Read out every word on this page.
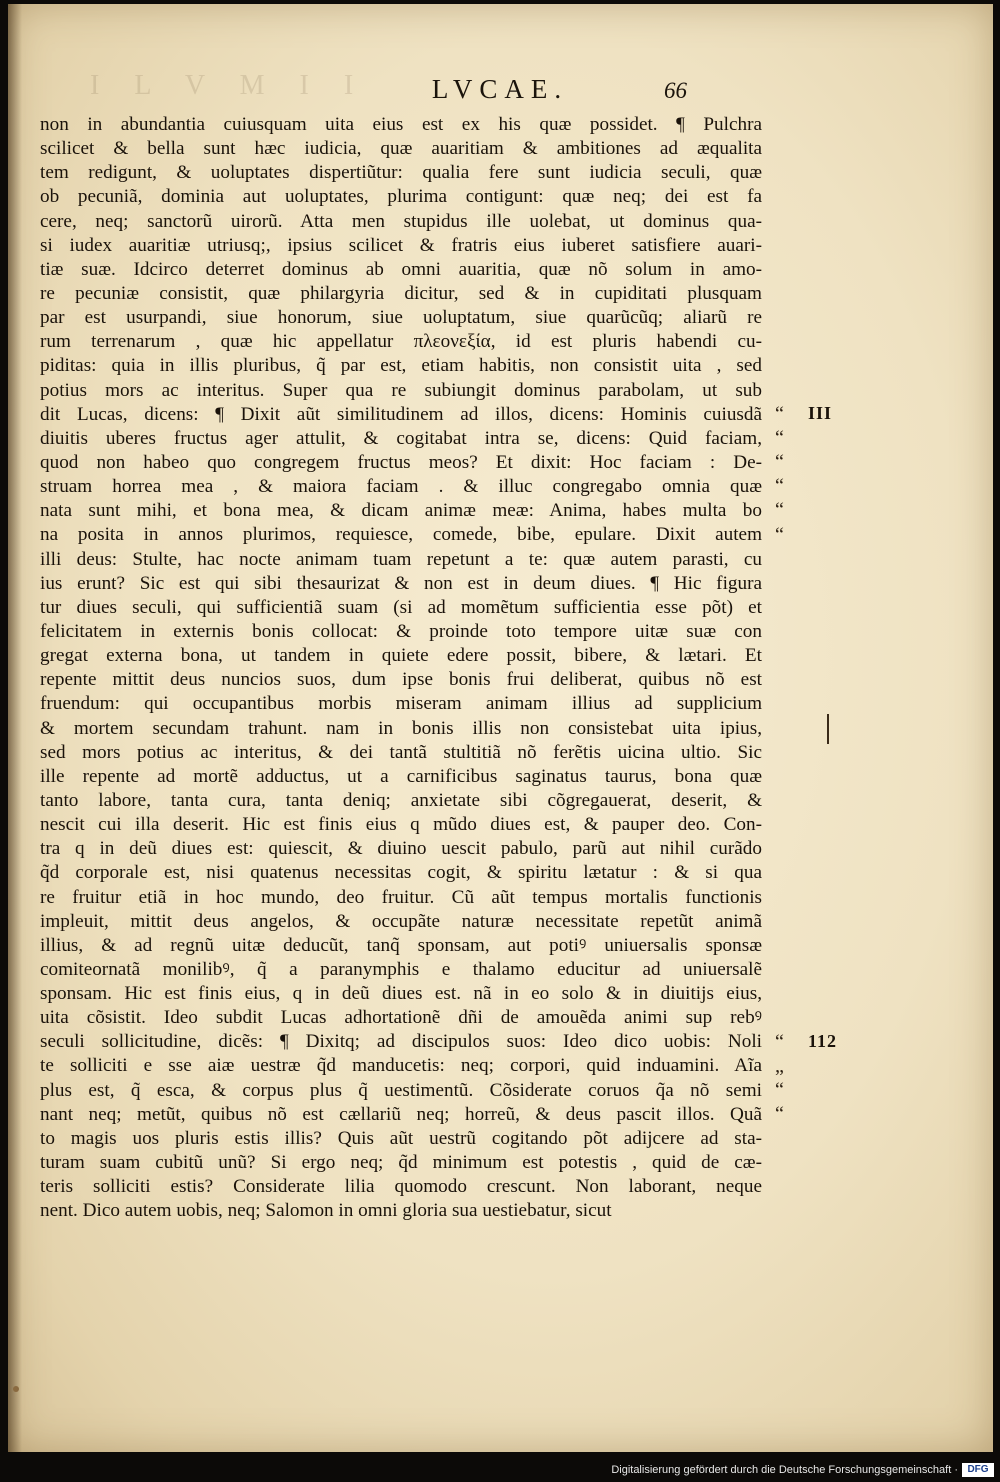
I L V M I I	LVCAE.	66
non in abundantia cuiusquam uita eius est ex his quæ possidet. ¶ Pulchra
scilicet & bella sunt hæc iudicia, quæ auaritiam & ambitiones ad æqualita
tem redigunt, & uoluptates dispertiũtur: qualia fere sunt iudicia seculi, quæ
ob pecuniã, dominia aut uoluptates, plurima contigunt: quæ neq; dei est fa
cere, neq; sanctorũ uirorũ. Atta men stupidus ille uolebat, ut dominus qua-
si iudex auaritiæ utriusq;, ipsius scilicet & fratris eius iuberet satisfiere auari-
tiæ suæ. Idcirco deterret dominus ab omni auaritia, quæ nõ solum in amo-
re pecuniæ consistit, quæ philargyria dicitur, sed & in cupiditati plusquam
par est usurpandi, siue honorum, siue uoluptatum, siue quarũcũq; aliarũ re
rum terrenarum , quæ hic appellatur πλεονεξία, id est pluris habendi cu-
piditas: quia in illis pluribus, q̃ par est, etiam habitis, non consistit uita , sed
potius mors ac interitus. Super qua re subiungit dominus parabolam, ut sub
dit Lucas, dicens: ¶ Dixit aũt similitudinem ad illos, dicens: Hominis cuiusdã
diuitis uberes fructus ager attulit, & cogitabat intra se, dicens: Quid faciam,
quod non habeo quo congregem fructus meos? Et dixit: Hoc faciam : De-
struam horrea mea , & maiora faciam . & illuc congregabo omnia quæ
nata sunt mihi, et bona mea, & dicam animæ meæ: Anima, habes multa bo
na posita in annos plurimos, requiesce, comede, bibe, epulare. Dixit autem
illi deus: Stulte, hac nocte animam tuam repetunt a te: quæ autem parasti, cu
ius erunt? Sic est qui sibi thesaurizat & non est in deum diues. ¶ Hic figura
tur diues seculi, qui sufficientiã suam (si ad momẽtum sufficientia esse põt) et
felicitatem in externis bonis collocat: & proinde toto tempore uitæ suæ con
gregat externa bona, ut tandem in quiete edere possit, bibere, & lætari. Et
repente mittit deus nuncios suos, dum ipse bonis frui deliberat, quibus nõ est
fruendum: qui occupantibus morbis miseram animam illius ad supplicium
& mortem secundam trahunt. nam in bonis illis non consistebat uita ipius,
sed mors potius ac interitus, & dei tantã stultitiã nõ ferẽtis uicina ultio. Sic
ille repente ad mortẽ adductus, ut a carnificibus saginatus taurus, bona quæ
tanto labore, tanta cura, tanta deniq; anxietate sibi cõgregauerat, deserit, &
nescit cui illa deserit. Hic est finis eius q mũdo diues est, & pauper deo. Con-
tra q in deũ diues est: quiescit, & diuino uescit pabulo, parũ aut nihil curãdo
q̃d corporale est, nisi quatenus necessitas cogit, & spiritu lætatur : & si qua
re fruitur etiã in hoc mundo, deo fruitur. Cũ aũt tempus mortalis functionis
impleuit, mittit deus angelos, & occupãte naturæ necessitate repetũt animã
illius, & ad regnũ uitæ deducũt, tanq̃ sponsam, aut potiꝰ uniuersalis sponsæ
comiteornatã monilibꝰ, q̃ a paranymphis e thalamo educitur ad uniuersalẽ
sponsam. Hic est finis eius, q in deũ diues est. nã in eo solo & in diuitijs eius,
uita cõsistit. Ideo subdit Lucas adhortationẽ dñi de amouẽda animi sup rebꝰ
seculi sollicitudine, dicẽs: ¶ Dixitq; ad discipulos suos: Ideo dico uobis: Noli
te solliciti e sse aiæ uestræ q̃d manducetis: neq; corpori, quid induamini. Aĩa
plus est, q̃ esca, & corpus plus q̃ uestimentũ. Cõsiderate coruos q̃a nõ semi
nant neq; metũt, quibus nõ est cællariũ neq; horreũ, & deus pascit illos. Quã
to magis uos pluris estis illis? Quis aũt uestrũ cogitando põt adijcere ad sta-
turam suam cubitũ unũ? Si ergo neq; q̃d minimum est potestis , quid de cæ-
teris solliciti estis? Considerate lilia quomodo crescunt. Non laborant, neque
nent. Dico autem uobis, neq; Salomon in omni gloria sua uestiebatur, sicut
“
“
“
“
“
“
“
„
“
“
III
112
Digitalisierung gefördert durch die Deutsche Forschungsgemeinschaft · DFG
